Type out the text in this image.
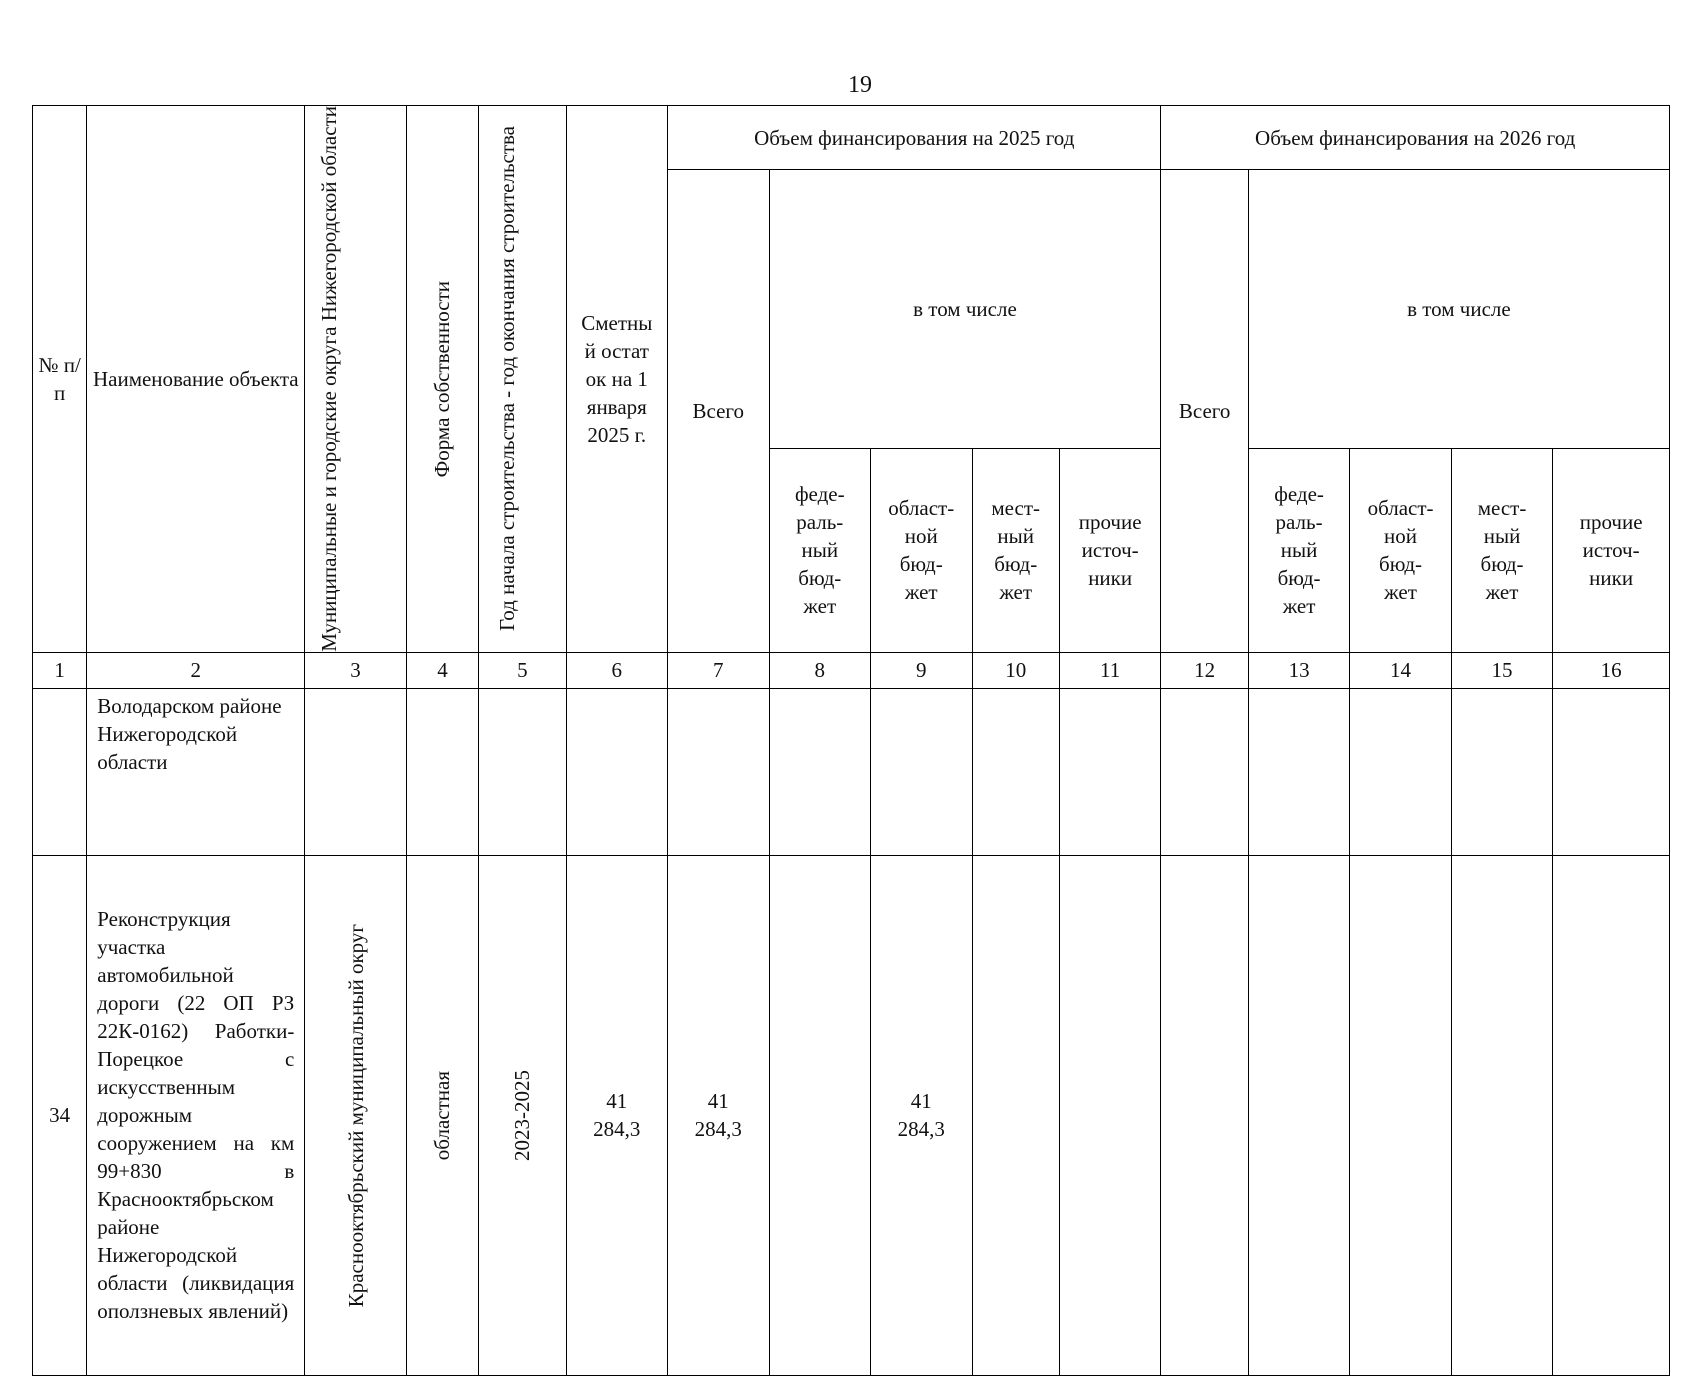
19
№ п/п	Наименование объекта	Муниципальные и городские округа Нижегородской области	Форма собственности	Год начала строительства - год окончания строительства	Сметный остаток на 1 января 2025 г.	Объем финансирования на 2025 год					Объем финансирования на 2026 год				
						Всего	в том числе				Всего	в том числе			

							феде-раль-ный бюд-жет	област-ной бюд-жет	мест-ный бюд-жет	прочие источ-ники		феде-раль-ный бюд-жет	област-ной бюд-жет	мест-ный бюд-жет	прочие источ-ники

1	2	3	4	5	6	7	8	9	10	11	12	13	14	15	16
	Володарском районе Нижегородской области														
34	Реконструкция участка автомобильной дороги (22 ОП РЗ 22К-0162) Работки-Порецкое с искусственным дорожным сооружением на км 99+830 в Краснооктябрьском районе Нижегородской области (ликвидация оползневых явлений)	Краснооктябрьский муниципальный округ	областная	2023-2025	41 284,3	41 284,3		41 284,3							
